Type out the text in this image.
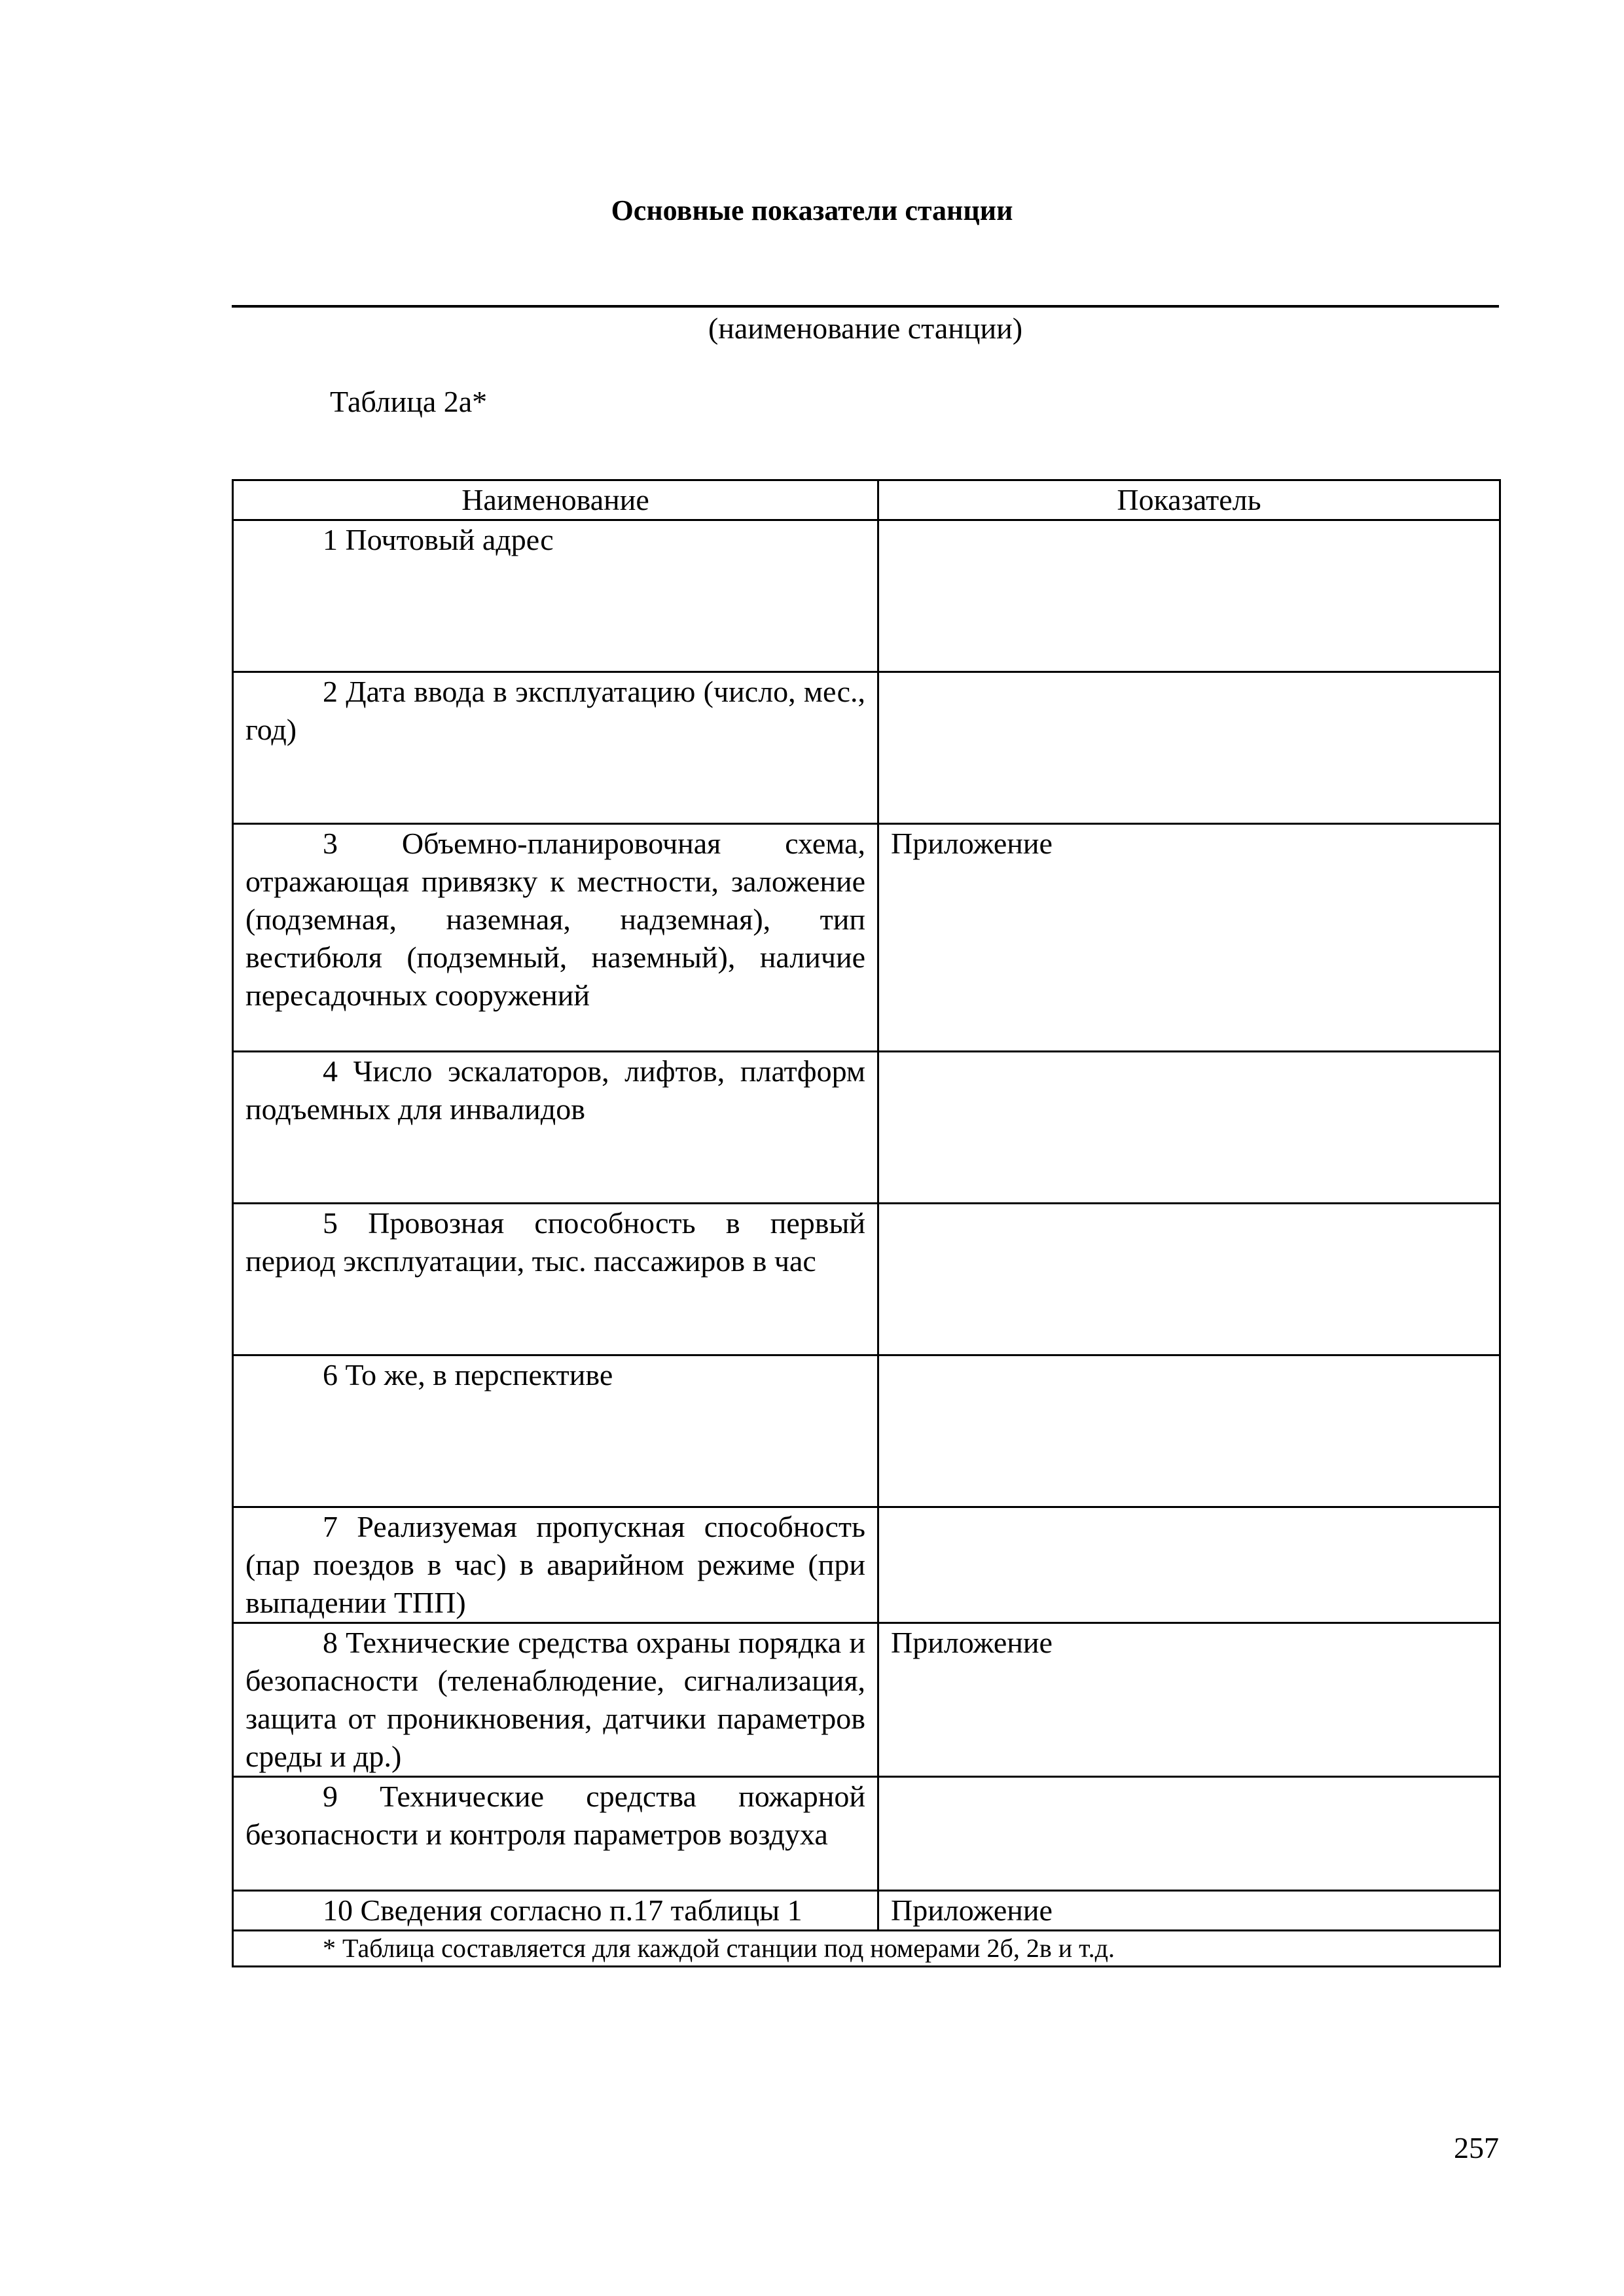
Основные показатели станции
(наименование станции)
Таблица 2а*
Наименование	Показатель
1 Почтовый адрес	
2 Дата ввода в эксплуатацию (число, мес., год)	
3 Объемно-планировочная схема, отражающая привязку к местности, заложение (подземная, наземная, надземная), тип вестибюля (подземный, наземный), наличие пересадочных сооружений	Приложение
4 Число эскалаторов, лифтов, платформ подъемных для инвалидов	
5 Провозная способность в первый период эксплуатации, тыс. пассажиров в час	
6 То же, в перспективе	
7 Реализуемая пропускная способность (пар поездов в час) в аварийном режиме (при выпадении ТПП)	
8 Технические средства охраны порядка и безопасности (теленаблюдение, сигнализация, защита от проникновения, датчики параметров среды и др.)	Приложение
9 Технические средства пожарной безопасности и контроля параметров воздуха	
10 Сведения согласно п.17 таблицы 1	Приложение
* Таблица составляется для каждой станции под номерами 2б, 2в и т.д.	
257
